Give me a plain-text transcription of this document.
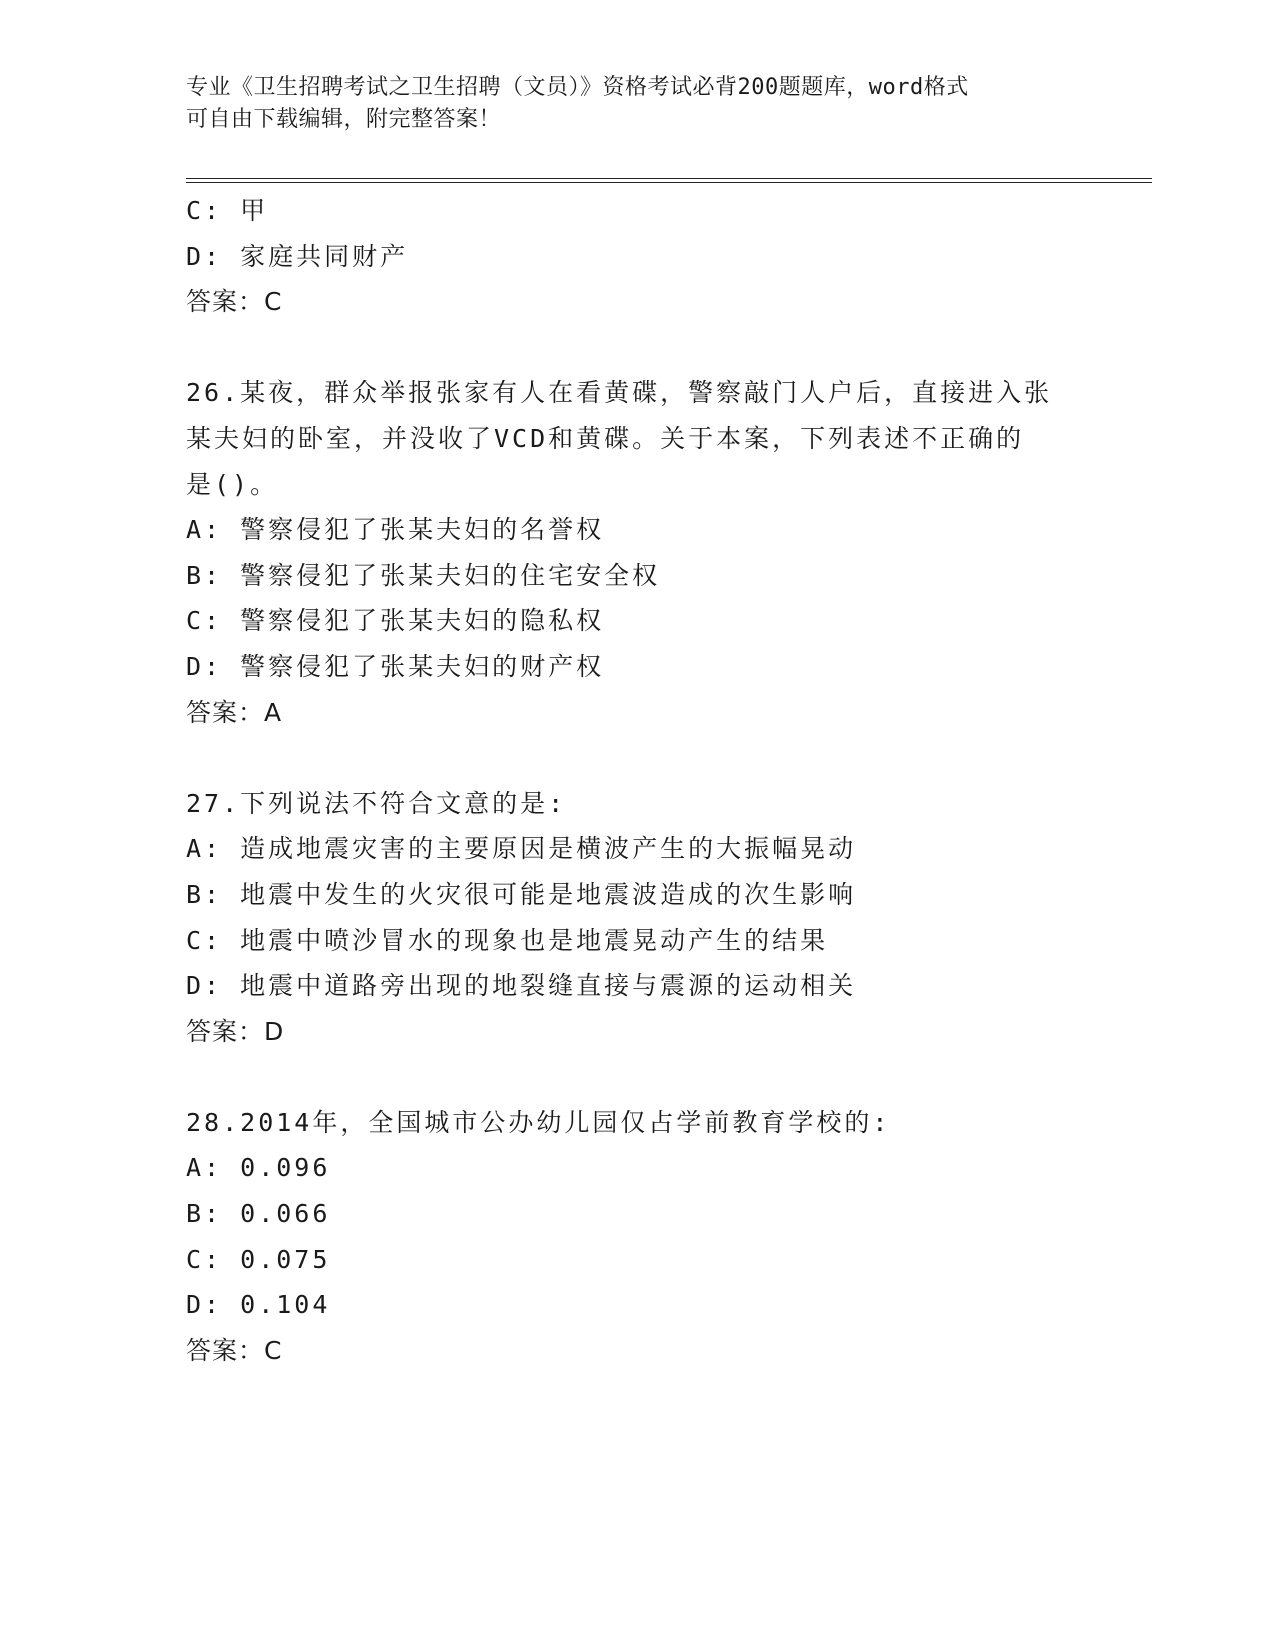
专业《卫生招聘考试之卫生招聘（文员）》资格考试必背200题题库，word格式
可自由下载编辑，附完整答案！
C: 甲
D: 家庭共同财产
答案：C
26.某夜，群众举报张家有人在看黄碟，警察敲门人户后，直接进入张
某夫妇的卧室，并没收了VCD和黄碟。关于本案，下列表述不正确的
是()。
A: 警察侵犯了张某夫妇的名誉权
B: 警察侵犯了张某夫妇的住宅安全权
C: 警察侵犯了张某夫妇的隐私权
D: 警察侵犯了张某夫妇的财产权
答案：A
27.下列说法不符合文意的是:
A: 造成地震灾害的主要原因是横波产生的大振幅晃动
B: 地震中发生的火灾很可能是地震波造成的次生影响
C: 地震中喷沙冒水的现象也是地震晃动产生的结果
D: 地震中道路旁出现的地裂缝直接与震源的运动相关
答案：D
28.2014年，全国城市公办幼儿园仅占学前教育学校的:
A: 0.096
B: 0.066
C: 0.075
D: 0.104
答案：C
